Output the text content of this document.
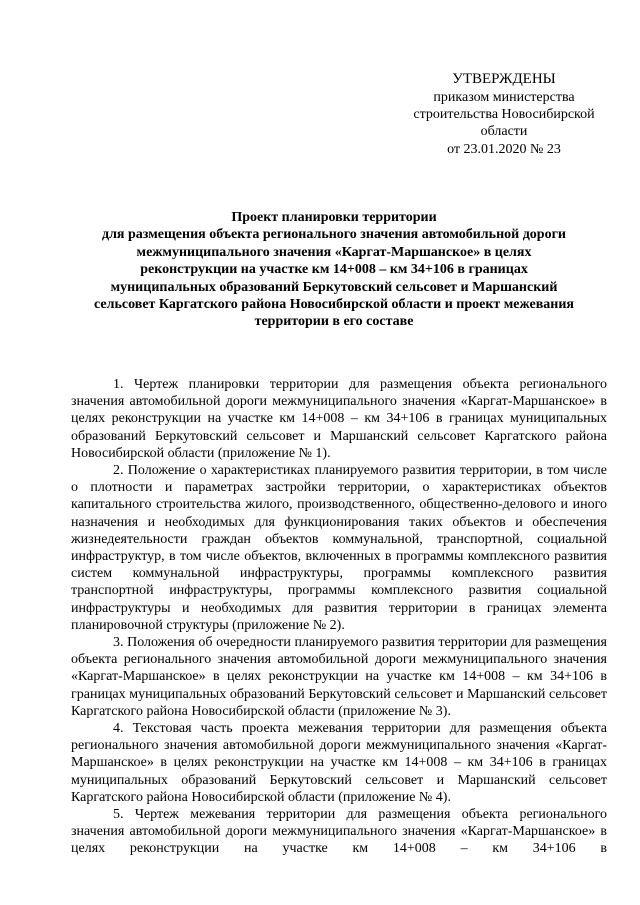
УТВЕРЖДЕНЫ
приказом министерства
строительства Новосибирской
области
от 23.01.2020 № 23
Проект планировки территории
для размещения объекта регионального значения автомобильной дороги
межмуниципального значения «Каргат-Маршанское» в целях
реконструкции на участке км 14+008 – км 34+106 в границах
муниципальных образований Беркутовский сельсовет и Маршанский
сельсовет Каргатского района Новосибирской области и проект межевания
территории в его составе

1. Чертеж планировки территории для размещения объекта регионального значения автомобильной дороги межмуниципального значения «Каргат-Маршанское» в целях реконструкции на участке км 14+008 – км 34+106 в границах муниципальных образований Беркутовский сельсовет и Маршанский сельсовет Каргатского района Новосибирской области (приложение № 1).

2. Положение о характеристиках планируемого развития территории, в том числе о плотности и параметрах застройки территории, о характеристиках объектов капитального строительства жилого, производственного, общественно-делового и иного назначения и необходимых для функционирования таких объектов и обеспечения жизнедеятельности граждан объектов коммунальной, транспортной, социальной инфраструктур, в том числе объектов, включенных в программы комплексного развития систем коммунальной инфраструктуры, программы комплексного развития транспортной инфраструктуры, программы комплексного развития социальной инфраструктуры и необходимых для развития территории в границах элемента планировочной структуры (приложение № 2).

3. Положения об очередности планируемого развития территории для размещения объекта регионального значения автомобильной дороги межмуниципального значения «Каргат-Маршанское» в целях реконструкции на участке км 14+008 – км 34+106 в границах муниципальных образований Беркутовский сельсовет и Маршанский сельсовет Каргатского района Новосибирской области (приложение № 3).

4. Текстовая часть проекта межевания территории для размещения объекта регионального значения автомобильной дороги межмуниципального значения «Каргат-Маршанское» в целях реконструкции на участке км 14+008 – км 34+106 в границах муниципальных образований Беркутовский сельсовет и Маршанский сельсовет Каргатского района Новосибирской области (приложение № 4).

5. Чертеж межевания территории для размещения объекта регионального значения автомобильной дороги межмуниципального значения «Каргат-Маршанское» в целях реконструкции на участке км 14+008 – км 34+106 в
